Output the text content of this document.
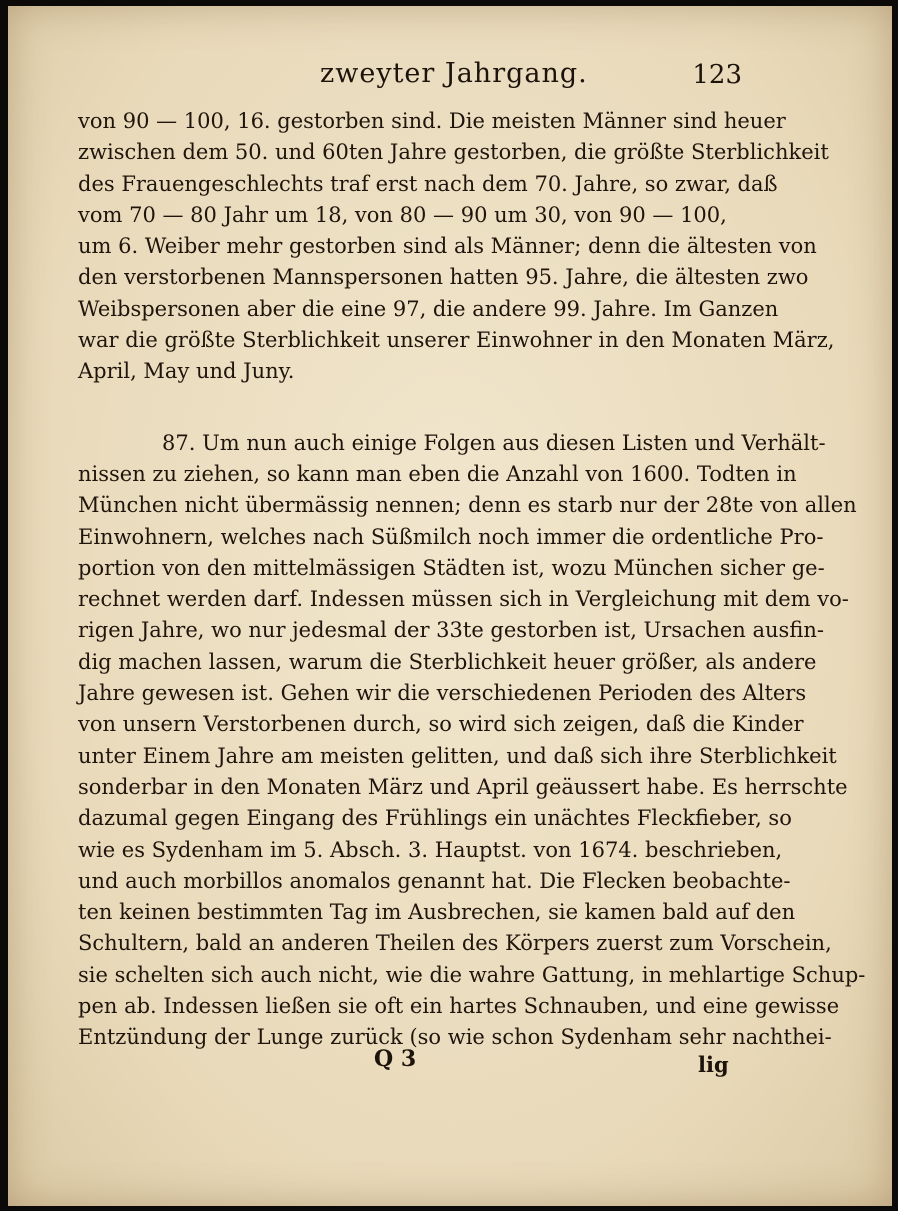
zweyter Jahrgang.	123
von 90 — 100, 16. gestorben sind. Die meisten Männer sind heuer
zwischen dem 50. und 60ten Jahre gestorben, die größte Sterblichkeit
des Frauengeschlechts traf erst nach dem 70. Jahre, so zwar, daß
vom 70 — 80 Jahr um 18, von 80 — 90 um 30, von 90 — 100,
um 6. Weiber mehr gestorben sind als Männer; denn die ältesten von
den verstorbenen Mannspersonen hatten 95. Jahre, die ältesten zwo
Weibspersonen aber die eine 97, die andere 99. Jahre. Im Ganzen
war die größte Sterblichkeit unserer Einwohner in den Monaten März,
April, May und Juny.
87. Um nun auch einige Folgen aus diesen Listen und Verhält-
nissen zu ziehen, so kann man eben die Anzahl von 1600. Todten in
München nicht übermässig nennen; denn es starb nur der 28te von allen
Einwohnern, welches nach Süßmilch noch immer die ordentliche Pro-
portion von den mittelmässigen Städten ist, wozu München sicher ge-
rechnet werden darf. Indessen müssen sich in Vergleichung mit dem vo-
rigen Jahre, wo nur jedesmal der 33te gestorben ist, Ursachen ausfin-
dig machen lassen, warum die Sterblichkeit heuer größer, als andere
Jahre gewesen ist. Gehen wir die verschiedenen Perioden des Alters
von unsern Verstorbenen durch, so wird sich zeigen, daß die Kinder
unter Einem Jahre am meisten gelitten, und daß sich ihre Sterblichkeit
sonderbar in den Monaten März und April geäussert habe. Es herrschte
dazumal gegen Eingang des Frühlings ein unächtes Fleckfieber, so
wie es Sydenham im 5. Absch. 3. Hauptst. von 1674. beschrieben,
und auch morbillos anomalos genannt hat. Die Flecken beobachte-
ten keinen bestimmten Tag im Ausbrechen, sie kamen bald auf den
Schultern, bald an anderen Theilen des Körpers zuerst zum Vorschein,
sie schelten sich auch nicht, wie die wahre Gattung, in mehlartige Schup-
pen ab. Indessen ließen sie oft ein hartes Schnauben, und eine gewisse
Entzündung der Lunge zurück (so wie schon Sydenham sehr nachthei-
Q 3	lig
